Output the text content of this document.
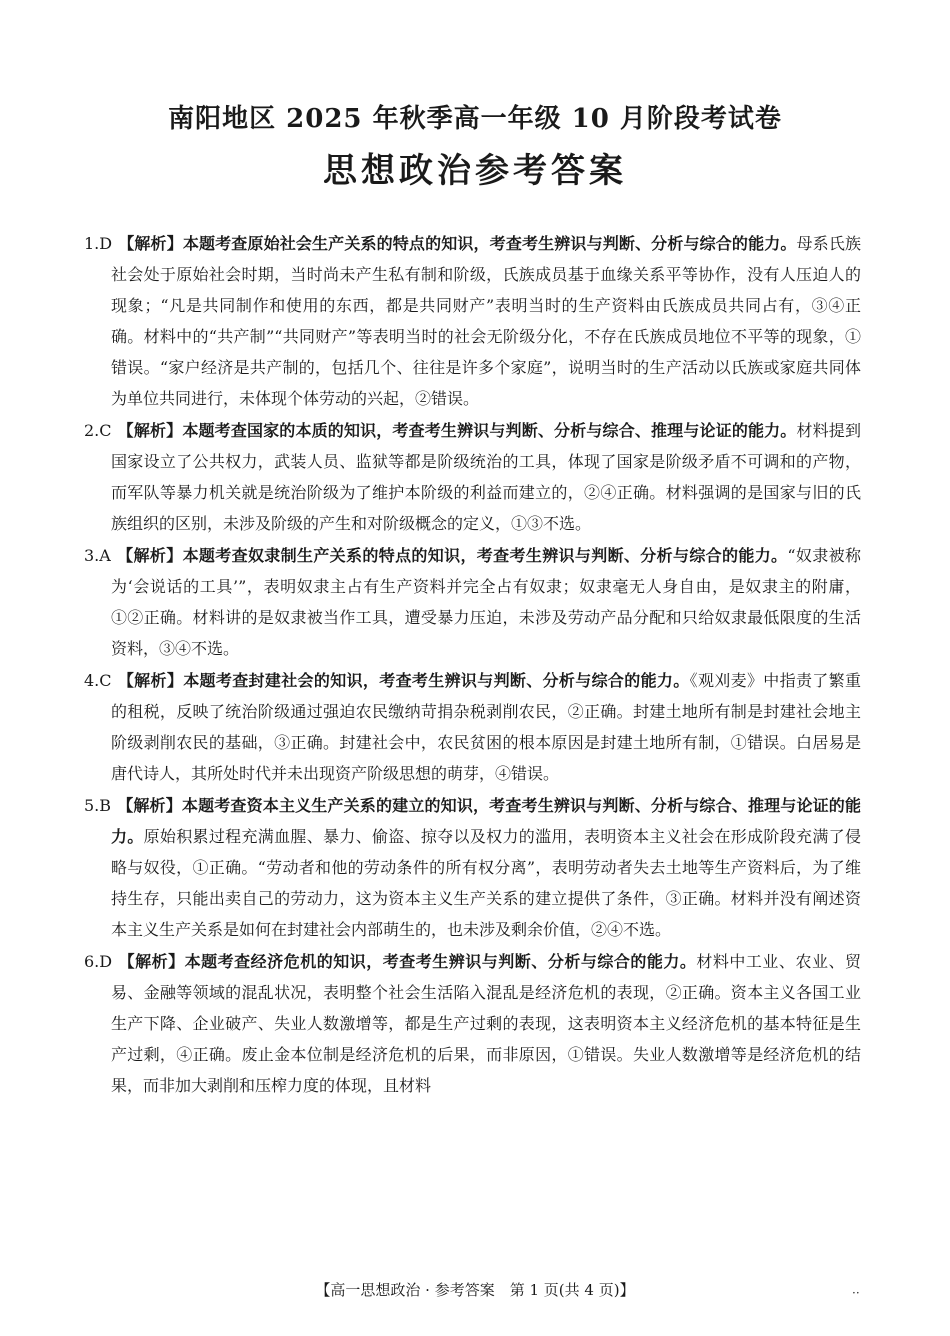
南阳地区 2025 年秋季高一年级 10 月阶段考试卷
思想政治参考答案
1.D 【解析】本题考查原始社会生产关系的特点的知识，考查考生辨识与判断、分析与综合的能力。母系氏族社会处于原始社会时期，当时尚未产生私有制和阶级，氏族成员基于血缘关系平等协作，没有人压迫人的现象；“凡是共同制作和使用的东西，都是共同财产”表明当时的生产资料由氏族成员共同占有，③④正确。材料中的“共产制”“共同财产”等表明当时的社会无阶级分化，不存在氏族成员地位不平等的现象，①错误。“家户经济是共产制的，包括几个、往往是许多个家庭”，说明当时的生产活动以氏族或家庭共同体为单位共同进行，未体现个体劳动的兴起，②错误。
2.C 【解析】本题考查国家的本质的知识，考查考生辨识与判断、分析与综合、推理与论证的能力。材料提到国家设立了公共权力，武装人员、监狱等都是阶级统治的工具，体现了国家是阶级矛盾不可调和的产物，而军队等暴力机关就是统治阶级为了维护本阶级的利益而建立的，②④正确。材料强调的是国家与旧的氏族组织的区别，未涉及阶级的产生和对阶级概念的定义，①③不选。
3.A 【解析】本题考查奴隶制生产关系的特点的知识，考查考生辨识与判断、分析与综合的能力。“奴隶被称为‘会说话的工具’”，表明奴隶主占有生产资料并完全占有奴隶；奴隶毫无人身自由，是奴隶主的附庸，①②正确。材料讲的是奴隶被当作工具，遭受暴力压迫，未涉及劳动产品分配和只给奴隶最低限度的生活资料，③④不选。
4.C 【解析】本题考查封建社会的知识，考查考生辨识与判断、分析与综合的能力。《观刈麦》中指责了繁重的租税，反映了统治阶级通过强迫农民缴纳苛捐杂税剥削农民，②正确。封建土地所有制是封建社会地主阶级剥削农民的基础，③正确。封建社会中，农民贫困的根本原因是封建土地所有制，①错误。白居易是唐代诗人，其所处时代并未出现资产阶级思想的萌芽，④错误。
5.B 【解析】本题考查资本主义生产关系的建立的知识，考查考生辨识与判断、分析与综合、推理与论证的能力。原始积累过程充满血腥、暴力、偷盗、掠夺以及权力的滥用，表明资本主义社会在形成阶段充满了侵略与奴役，①正确。“劳动者和他的劳动条件的所有权分离”，表明劳动者失去土地等生产资料后，为了维持生存，只能出卖自己的劳动力，这为资本主义生产关系的建立提供了条件，③正确。材料并没有阐述资本主义生产关系是如何在封建社会内部萌生的，也未涉及剩余价值，②④不选。
6.D 【解析】本题考查经济危机的知识，考查考生辨识与判断、分析与综合的能力。材料中工业、农业、贸易、金融等领域的混乱状况，表明整个社会生活陷入混乱是经济危机的表现，②正确。资本主义各国工业生产下降、企业破产、失业人数激增等，都是生产过剩的表现，这表明资本主义经济危机的基本特征是生产过剩，④正确。废止金本位制是经济危机的后果，而非原因，①错误。失业人数激增等是经济危机的结果，而非加大剥削和压榨力度的体现，且材料
【高一思想政治 · 参考答案　第 1 页(共 4 页)】	··
